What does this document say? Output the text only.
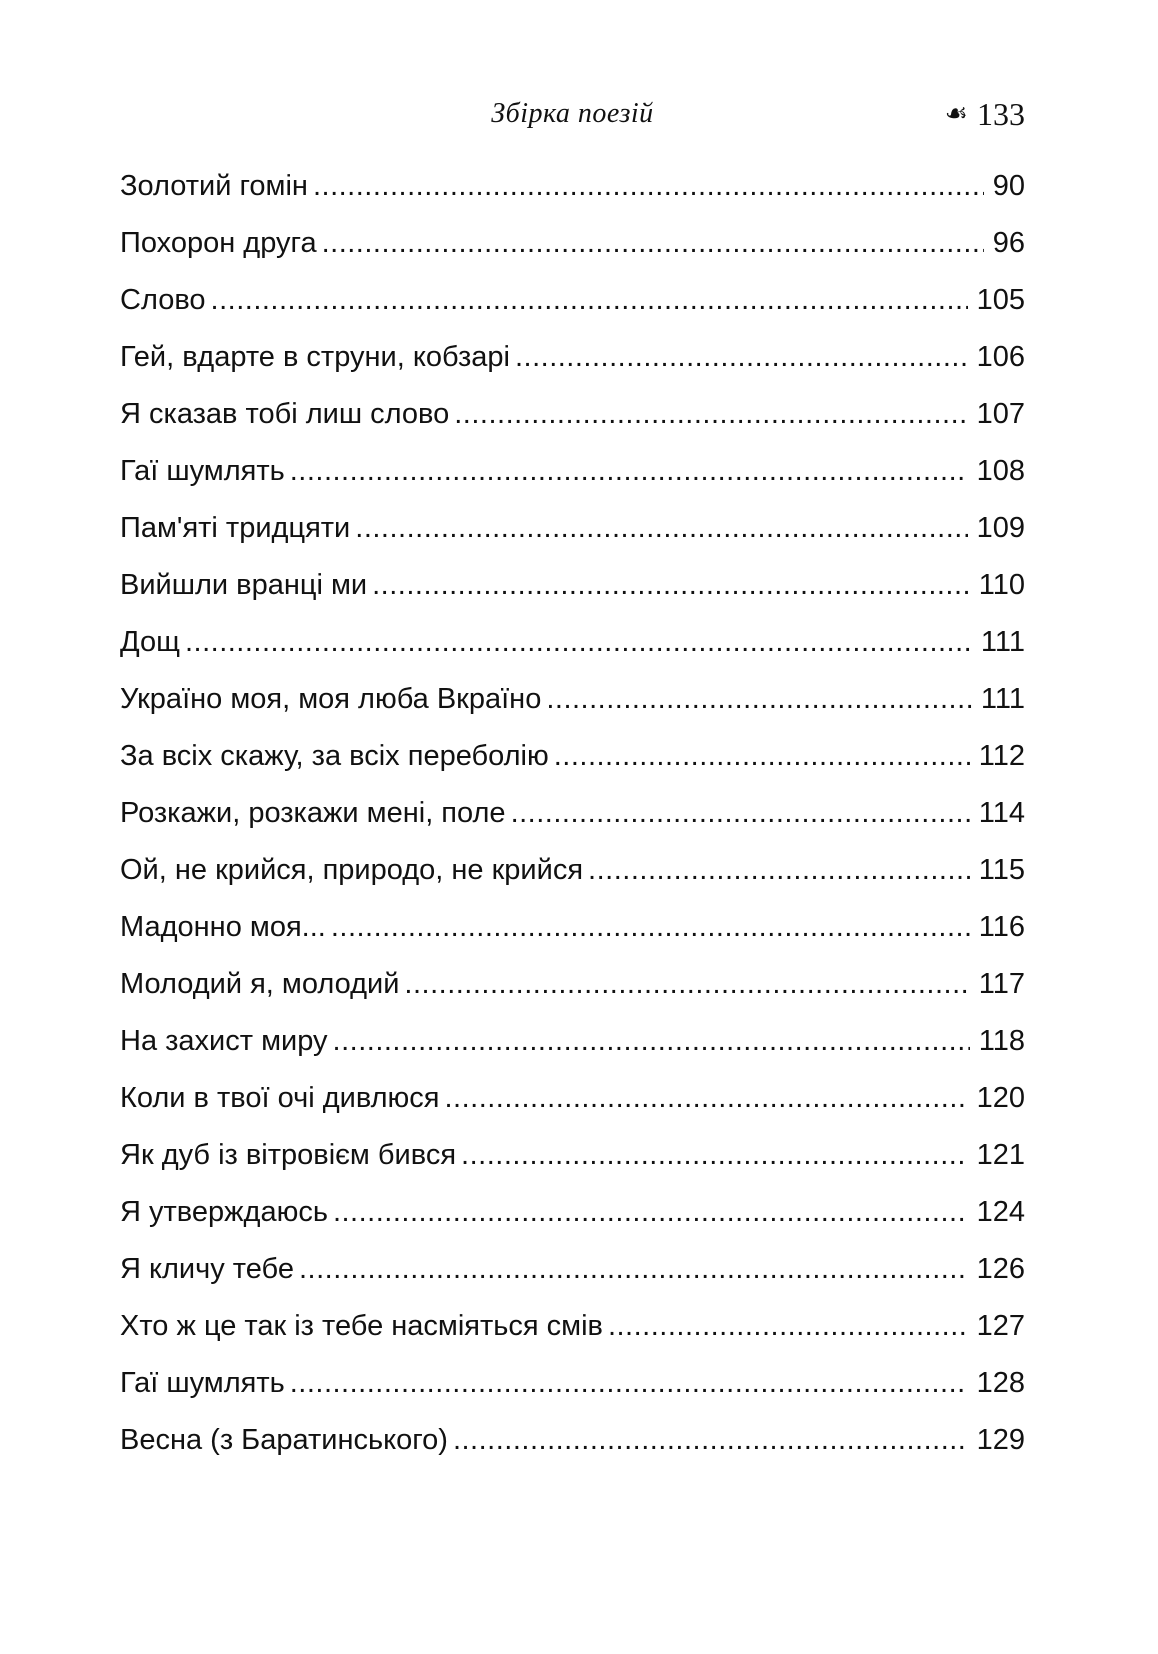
Збірка поезій	☙ 133
Золотий гомін .....	90
Похорон друга .....	96
Слово .....	105
Гей, вдарте в струни, кобзарі .....	106
Я сказав тобі лиш слово .....	107
Гаї шумлять .....	108
Пам'яті тридцяти .....	109
Вийшли вранці ми .....	110
Дощ .....	111
Україно моя, моя люба Вкраїно .....	111
За всіх скажу, за всіх переболію .....	112
Розкажи, розкажи мені, поле .....	114
Ой, не крийся, природо, не крийся .....	115
Мадонно моя... .....	116
Молодий я, молодий .....	117
На захист миру .....	118
Коли в твої очі дивлюся .....	120
Як дуб із вітровієм бився .....	121
Я утверждаюсь .....	124
Я кличу тебе .....	126
Хто ж це так із тебе насміяться смів .....	127
Гаї шумлять .....	128
Весна (з Баратинського) .....	129
